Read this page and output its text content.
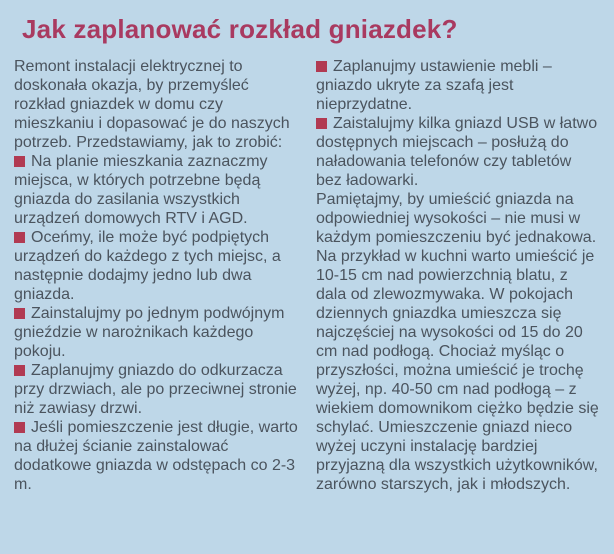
Jak zaplanować rozkład gniazdek?

Remont instalacji elektrycznej to doskonała okazja, by przemyśleć rozkład gniazdek w domu czy mieszkaniu i dopasować je do naszych potrzeb. Przedstawiamy, jak to zrobić:

Na planie mieszkania zaznaczmy miejsca, w których potrzebne będą gniazda do zasilania wszystkich urządzeń domowych RTV i AGD.

Oceńmy, ile może być podpiętych urządzeń do każdego z tych miejsc, a następnie dodajmy jedno lub dwa gniazda.

Zainstalujmy po jednym podwójnym gnieździe w narożnikach każdego pokoju.

Zaplanujmy gniazdo do odkurzacza przy drzwiach, ale po przeciwnej stronie niż zawiasy drzwi.

Jeśli pomieszczenie jest długie, warto na dłużej ścianie zainstalować dodatkowe gniazda w odstępach co 2-3 m.

Zaplanujmy ustawienie mebli – gniazdo ukryte za szafą jest nieprzydatne.

Zaistalujmy kilka gniazd USB w łatwo dostępnych miejscach – posłużą do naładowania telefonów czy tabletów bez ładowarki.

Pamiętajmy, by umieścić gniazda na odpowiedniej wysokości – nie musi w każdym pomieszczeniu być jednakowa. Na przykład w kuchni warto umieścić je 10-15 cm nad powierzchnią blatu, z dala od zlewozmywaka. W pokojach dziennych gniazdka umieszcza się najczęściej na wysokości od 15 do 20 cm nad podłogą. Chociaż myśląc o przyszłości, można umieścić je trochę wyżej, np. 40-50 cm nad podłogą – z wiekiem domownikom ciężko będzie się schylać. Umieszczenie gniazd nieco wyżej uczyni instalację bardziej przyjazną dla wszystkich użytkowników, zarówno starszych, jak i młodszych.
